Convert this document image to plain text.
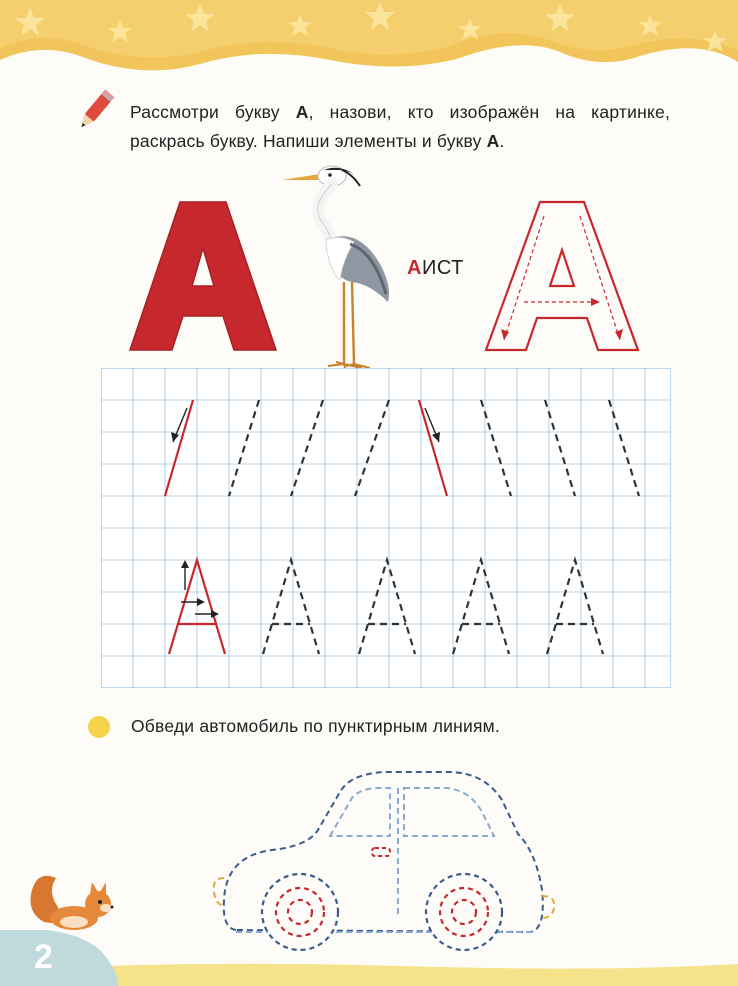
Рассмотри букву А, назови, кто изображён на картинке, раскрась букву. Напиши элементы и букву А.
АИСТ
Обведи автомобиль по пунктирным линиям.
2
